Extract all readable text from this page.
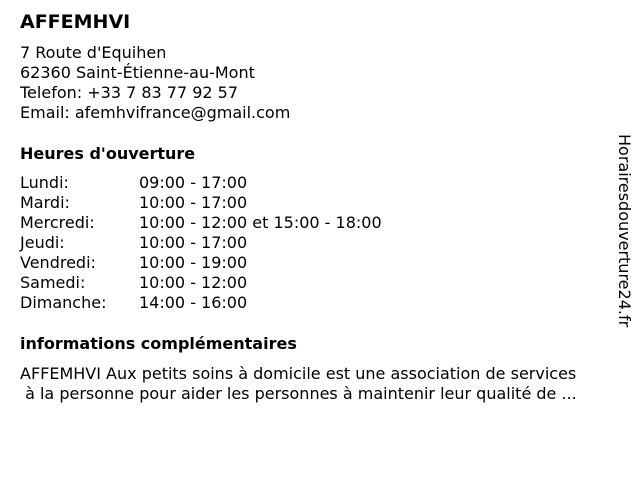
AFFEMHVI
7 Route d'Equihen
62360 Saint-Étienne-au-Mont
Telefon: +33 7 83 77 92 57
Email: afemhvifrance@gmail.com
Heures d'ouverture
Lundi:	09:00 - 17:00
Mardi:	10:00 - 17:00
Mercredi:	10:00 - 12:00 et 15:00 - 18:00
Jeudi:	10:00 - 17:00
Vendredi:	10:00 - 19:00
Samedi:	10:00 - 12:00
Dimanche:	14:00 - 16:00
informations complémentaires
AFFEMHVI Aux petits soins à domicile est une association de services
à la personne pour aider les personnes à maintenir leur qualité de ...
Horairesdouverture24.fr
